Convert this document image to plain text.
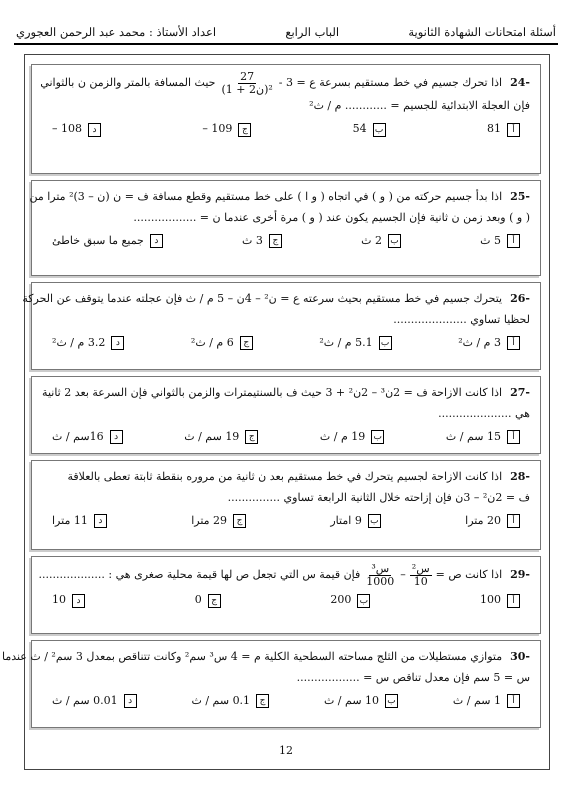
أسئلة امتحانات الشهادة الثانوية
الباب الرابع
اعداد الأستاذ : محمد عبد الرحمن العجوري
24-
اذا تحرك جسيم في خط مستقيم بسرعة ع = 3 -
$\frac{27}{\text{(1 + 2ن)²}}$
حيث المسافة بالمتر والزمن ن بالثواني
فإن العجلة الابتدائية للجسيم = ............ م / ث²
أ
81
ب
54
ج
109 –
د
108 –
25-
اذا بدأ جسيم حركته من ( و ) في اتجاه ( و ا ) على خط مستقيم وقطع مسافة ف = ن (ن – 3)² مترا من
( و ) وبعد زمن ن ثانية فإن الجسيم يكون عند ( و ) مرة أخرى عندما ن = ..................
أ
5 ث
ب
2 ث
ج
3 ث
د
جميع ما سبق خاطئ
26-
يتحرك جسيم في خط مستقيم بحيث سرعته ع = ن² – 4ن – 5 م / ث فإن عجلته عندما يتوقف عن الحركة
لحظيا تساوي .....................
أ
3 م / ث²
ب
5.1 م / ث²
ج
6 م / ث²
د
3.2 م / ث²
27-
اذا كانت الازاحة ف = 2ن³ – 2ن² + 3 حيث ف بالسنتيمترات والزمن بالثواني فإن السرعة بعد 2 ثانية
هي .....................
أ
15 سم / ث
ب
19 م / ث
ج
19 سم / ث
د
16سم / ث
28-
اذا كانت الازاحة لجسيم يتحرك في خط مستقيم بعد ن ثانية من مروره بنقطة ثابتة تعطى بالعلاقة
ف = 2ن² – 3ن فإن إزاحته خلال الثانية الرابعة تساوي ...............
أ
20 مترا
ب
9 امتار
ج
29 مترا
د
11 مترا
29-
اذا كانت ص =
$\frac{\text{س²}}{10}$
–
$\frac{\text{س³}}{1000}$
فإن قيمة س التي تجعل ص لها قيمة محلية صغرى هي : ...................
أ
100
ب
200
ج
0
د
10
30-
متوازي مستطيلات من الثلج مساحته السطحية الكلية م = 4 س³ سم² وكانت تتناقص بمعدل 3 سم² / ث عندما
س = 5 سم فإن معدل تناقص س = ..................
أ
1 سم / ث
ب
10 سم / ث
ج
0.1 سم / ث
د
0.01 سم / ث
12
